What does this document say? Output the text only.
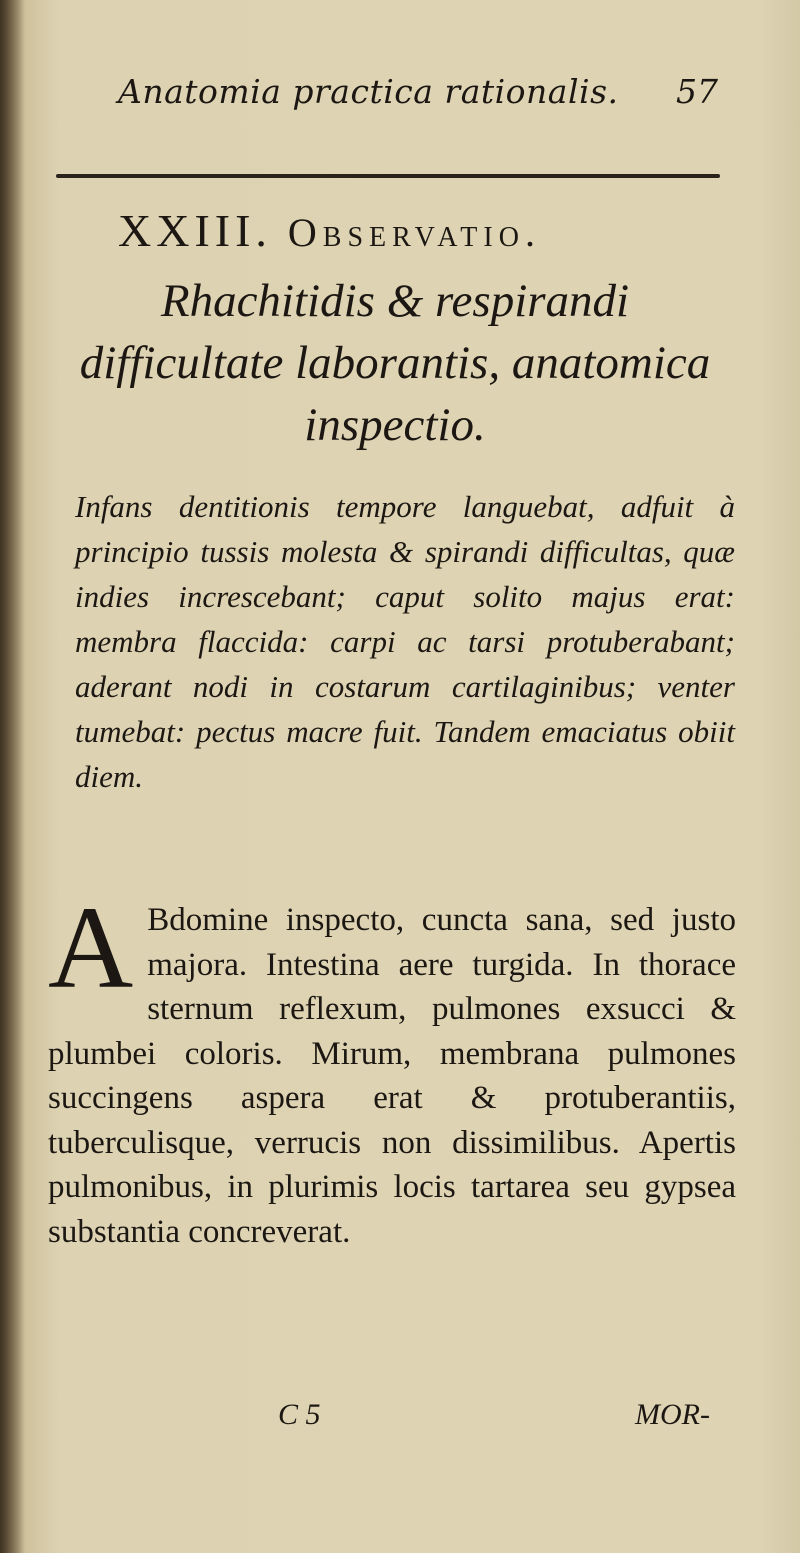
Anatomia practica rationalis. 57
XXIII. Observatio.
Rhachitidis & respirandi difficultate laborantis, anatomica inspectio.
Infans dentitionis tempore languebat, adfuit à principio tussis molesta & spirandi difficultas, quæ indies increscebant; caput solito majus erat: membra flaccida: carpi ac tarsi protuberabant; aderant nodi in costarum cartilaginibus; venter tumebat: pectus macre fuit. Tandem emaciatus obiit diem.
A Bdomine inspecto, cuncta sana, sed justo majora. Intestina aere turgida. In thorace sternum reflexum, pulmones exsucci & plumbei coloris. Mirum, membrana pulmones succingens aspera erat & protuberantiis, tuberculisque, verrucis non dissimilibus. Apertis pulmonibus, in plurimis locis tartarea seu gypsea substantia concreverat.
C 5	MOR-
